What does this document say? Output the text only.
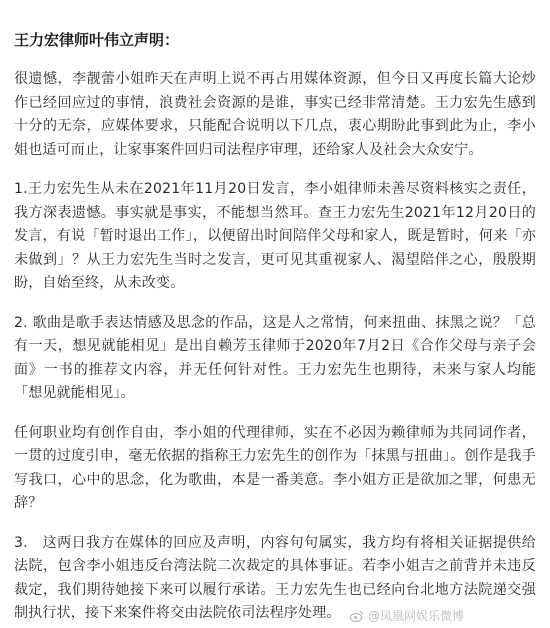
王力宏律师叶伟立声明：

很遗憾，李靓蕾小姐昨天在声明上说不再占用媒体资源，但今日又再度长篇大论炒作已经回应过的事情，浪费社会资源的是谁，事实已经非常清楚。王力宏先生感到十分的无奈，应媒体要求，只能配合说明以下几点，衷心期盼此事到此为止，李小姐也适可而止，让家事案件回归司法程序审理，还给家人及社会大众安宁。

1.王力宏先生从未在2021年11月20日发言，李小姐律师未善尽资料核实之责任，我方深表遗憾。事实就是事实，不能想当然耳。查王力宏先生2021年12月20日的发言，有说「暂时退出工作」，以便留出时间陪伴父母和家人，既是暂时，何来「亦未做到」？从王力宏先生当时之发言，更可见其重视家人、渴望陪伴之心，殷殷期盼，自始至终，从未改变。

2. 歌曲是歌手表达情感及思念的作品，这是人之常情，何来扭曲、抹黑之说？「总有一天，想见就能相见」是出自赖芳玉律师于2020年7月2日《合作父母与亲子会面》一书的推荐文内容，并无任何针对性。王力宏先生也期待，未来与家人均能「想见就能相见」。

任何职业均有创作自由，李小姐的代理律师，实在不必因为赖律师为共同词作者，一贯的过度引申，毫无依据的指称王力宏先生的创作为「抹黑与扭曲」。创作是我手写我口，心中的思念，化为歌曲，本是一番美意。李小姐方正是欲加之罪，何患无辞？

3.　这两日我方在媒体的回应及声明，内容句句属实，我方均有将相关证据提供给法院，包含李小姐违反台湾法院二次裁定的具体事证。若李小姐吉之前背并未违反裁定，我们期待她接下来可以履行承诺。王力宏先生也已经向台北地方法院递交强制执行状，接下来案件将交由法院依司法程序处理。	@凤凰网娱乐微博
